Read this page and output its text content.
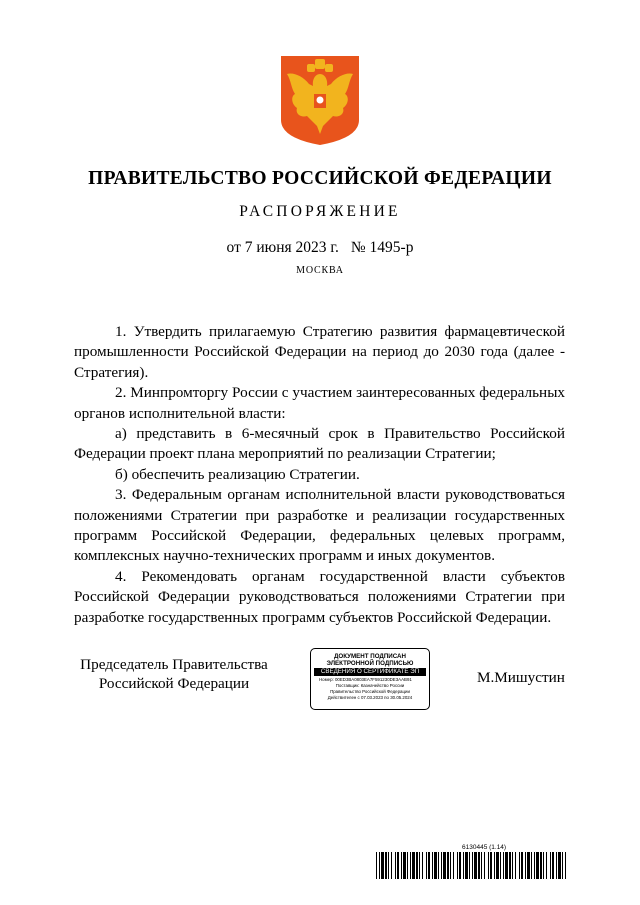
ПРАВИТЕЛЬСТВО РОССИЙСКОЙ ФЕДЕРАЦИИ
РАСПОРЯЖЕНИЕ
от 7 июня 2023 г. № 1495-р
МОСКВА

1. Утвердить прилагаемую Стратегию развития фармацевтической промышленности Российской Федерации на период до 2030 года (далее - Стратегия).

2. Минпромторгу России с участием заинтересованных федеральных органов исполнительной власти:

а) представить в 6-месячный срок в Правительство Российской Федерации проект плана мероприятий по реализации Стратегии;

б) обеспечить реализацию Стратегии.

3. Федеральным органам исполнительной власти руководствоваться положениями Стратегии при разработке и реализации государственных программ Российской Федерации, федеральных целевых программ, комплексных научно-технических программ и иных документов.

4. Рекомендовать органам государственной власти субъектов Российской Федерации руководствоваться положениями Стратегии при разработке государственных программ субъектов Российской Федерации.

Председатель Правительства
Российской Федерации
ДОКУМЕНТ ПОДПИСАН
ЭЛЕКТРОННОЙ ПОДПИСЬЮ
СВЕДЕНИЯ О СЕРТИФИКАТЕ ЭП
Номер: 00ED3BA0803EA7F591230DE3AAB91
Поставщик: Казначейство России
Правительство Российской Федерации
Действителен с 07.03.2023 по 30.05.2024
М.Мишустин
6130445 (1.14)
